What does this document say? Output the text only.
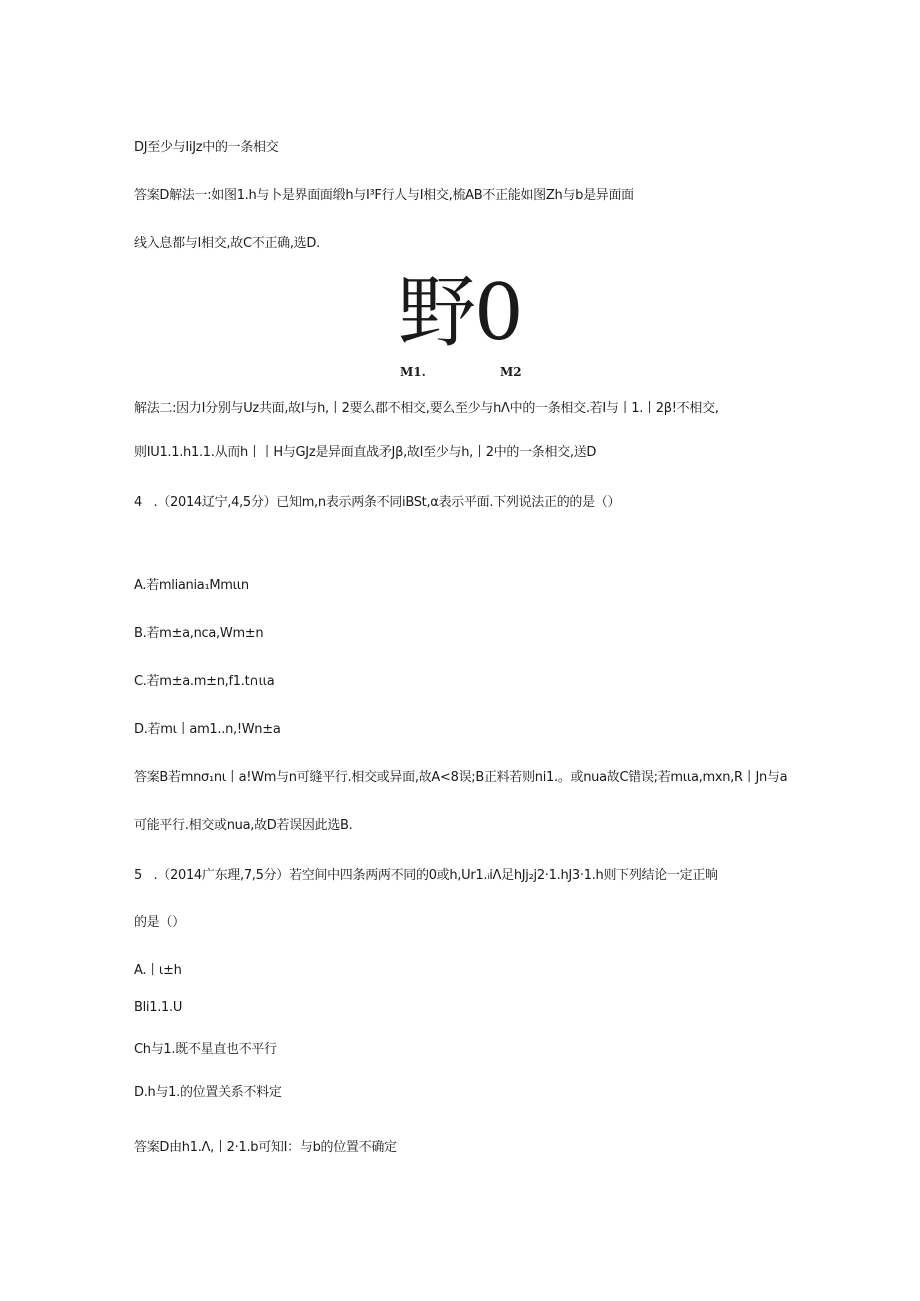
DJ至少与IiJz中的一条相交
答案D解法一:如图1.h与卜是界面面缎h与I³F行人与I相交,梳AB不正能如图Zh与b是异面面
线入息都与I相交,故C不正确,选D.
野0
M1.	M2
解法二:因力I分别与Uz共面,故I与h,丨2要么郡不相交,要么至少与hΛ中的一条相交.若I与丨1.丨2β!不相交,
则IU1.1.h1.1.从而h丨丨H与GJz是异面直战矛Jβ,故I至少与h,丨2中的一条相交,送D
4   .（2014辽宁,4,5分）已知m,n表示两条不同iBSt,α表示平面.下列说法正的的是（）
A.若mliania₁Mmιιn
B.若m±a,nca,Wm±n
C.若m±a.m±n,f1.t∩ιιa
D.若mι丨am1..n,!Wn±a
答案B若mnσ₁nι丨a!Wm与n可缝平行.相交或异面,故A<8误;B正料若则ni1.。或nua故C错误;若mιιa,mxn,R丨Jn与a
可能平行.相交或nua,故D若误因此选B.
5   .（2014广东理,7,5分）若空间中四条两两不同的0或h,Ur1.ᵢiΛ足hJj₂j2·1.hJ3·1.h则下列结论一定正晌
的是（）
A.丨ι±h
Bli1.1.U
Ch与1.既不星直也不平行
D.h与1.的位置关系不料定
答案D由h1.Λ,丨2·1.b可知I：与b的位置不确定
